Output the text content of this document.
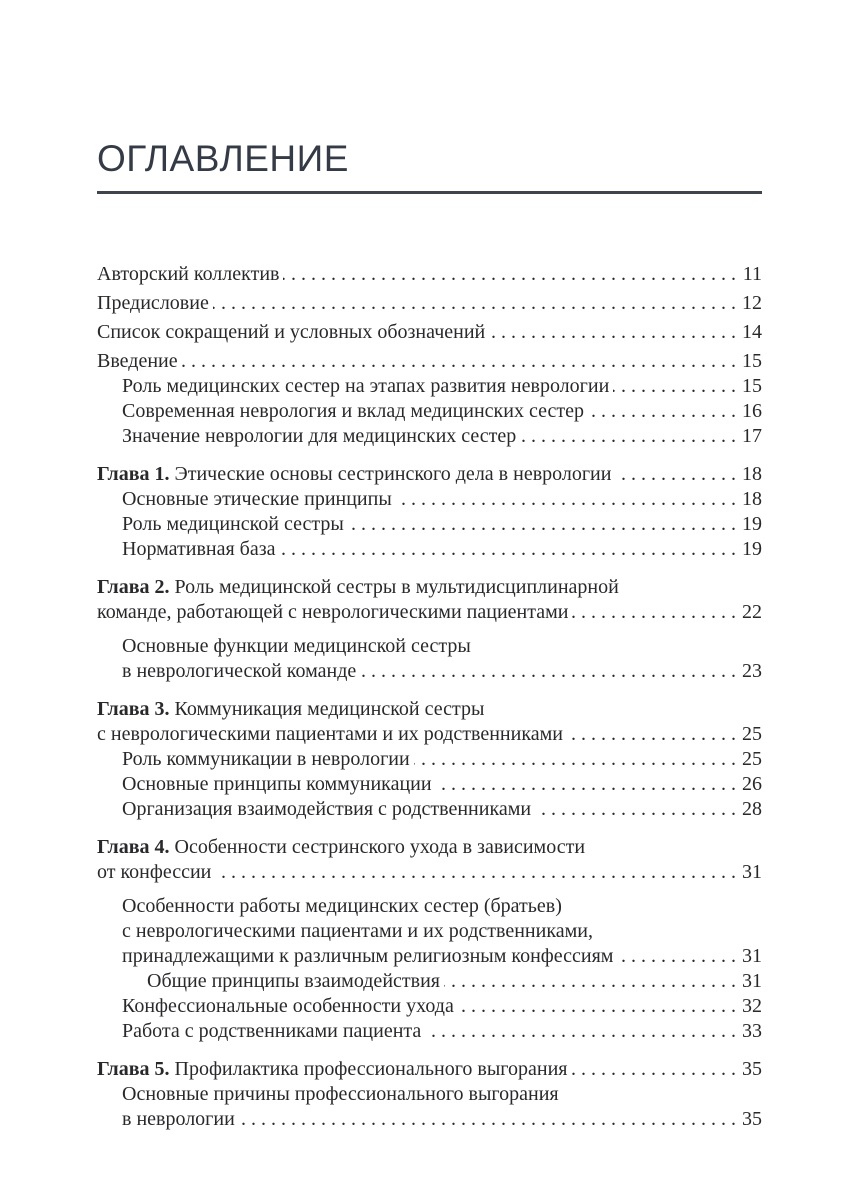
ОГЛАВЛЕНИЕ
Авторский коллектив . . .	11
Предисловие . . .	12
Список сокращений и условных обозначений . . .	14
Введение . . .	15
Роль медицинских сестер на этапах развития неврологии . . .	15
Современная неврология и вклад медицинских сестер . . .	16
Значение неврологии для медицинских сестер . . .	17
Глава 1. Этические основы сестринского дела в неврологии . . .	18
Основные этические принципы . . .	18
Роль медицинской сестры . . .	19
Нормативная база . . .	19
Глава 2. Роль медицинской сестры в мультидисциплинарной
команде, работающей с неврологическими пациентами . . .	22
Основные функции медицинской сестры
в неврологической команде . . .	23
Глава 3. Коммуникация медицинской сестры
с неврологическими пациентами и их родственниками . . .	25
Роль коммуникации в неврологии . . .	25
Основные принципы коммуникации . . .	26
Организация взаимодействия с родственниками . . .	28
Глава 4. Особенности сестринского ухода в зависимости
от конфессии . . .	31
Особенности работы медицинских сестер (братьев)
с неврологическими пациентами и их родственниками,
принадлежащими к различным религиозным конфессиям . . .	31
Общие принципы взаимодействия . . .	31
Конфессиональные особенности ухода . . .	32
Работа с родственниками пациента . . .	33
Глава 5. Профилактика профессионального выгорания . . .	35
Основные причины профессионального выгорания
в неврологии . . .	35
